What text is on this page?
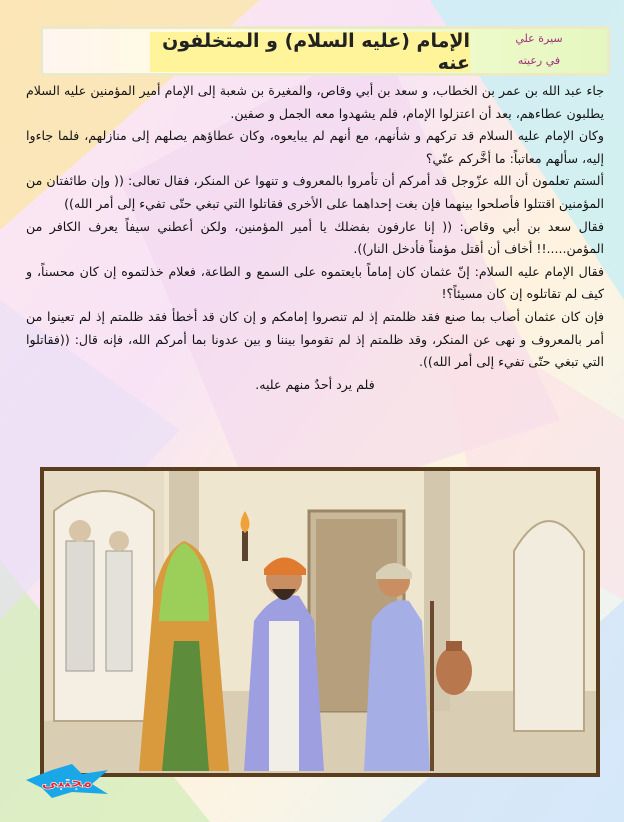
الإمام (عليه السلام) و المتخلفون عنه
سيرة علي
في رعيته

جاء عبد الله بن عمر بن الخطاب، و سعد بن أبي وقاص، والمغيرة بن شعبة إلى الإمام أمير المؤمنين عليه السلام يطلبون عطاءهم، بعد أن اعتزلوا الإمام، فلم يشهدوا معه الجمل و صفين.

وكان الإمام عليه السلام قد تركهم و شأنهم، مع أنهم لم يبايعوه، وكان عطاؤهم يصلهم إلى منازلهم، فلما جاءوا إليه، سألهم معاتباً: ما أخَّركم عنّي؟

ألستم تعلمون أن الله عزّوجل قد أمركم أن تأمروا بالمعروف و تنهوا عن المنكر، فقال تعالى: (( وإن طائفتان من المؤمنين اقتتلوا فأصلحوا بينهما فإن بغت إحداهما على الأخرى فقاتلوا التي تبغي حتّى تفيء إلى أمر الله))

فقال سعد بن أبي وقاص: (( إنا عارفون بفضلك يا أمير المؤمنين، ولكن أعطني سيفاً يعرف الكافر من المؤمن.....!! أخاف أن أقتل مؤمناً فأدخل النار)).

فقال الإمام عليه السلام: إنّ عثمان كان إماماً بايعتموه على السمع و الطاعة، فعلام خذلتموه إن كان محسناً، و كيف لم تقاتلوه إن كان مسيئاً؟!

فإن كان عثمان أصاب بما صنع فقد ظلمتم إذ لم تنصروا إمامكم و إن كان قد أخطأ فقد ظلمتم إذ لم تعينوا من أمر بالمعروف و نهى عن المنكر، وقد ظلمتم إذ لم تقوموا بيننا و بين عدونا بما أمركم الله، فإنه قال: ((فقاتلوا التي تبغي حتّى تفيء إلى أمر الله)).

فلم يرد أحدٌ منهم عليه.

مجتبى
